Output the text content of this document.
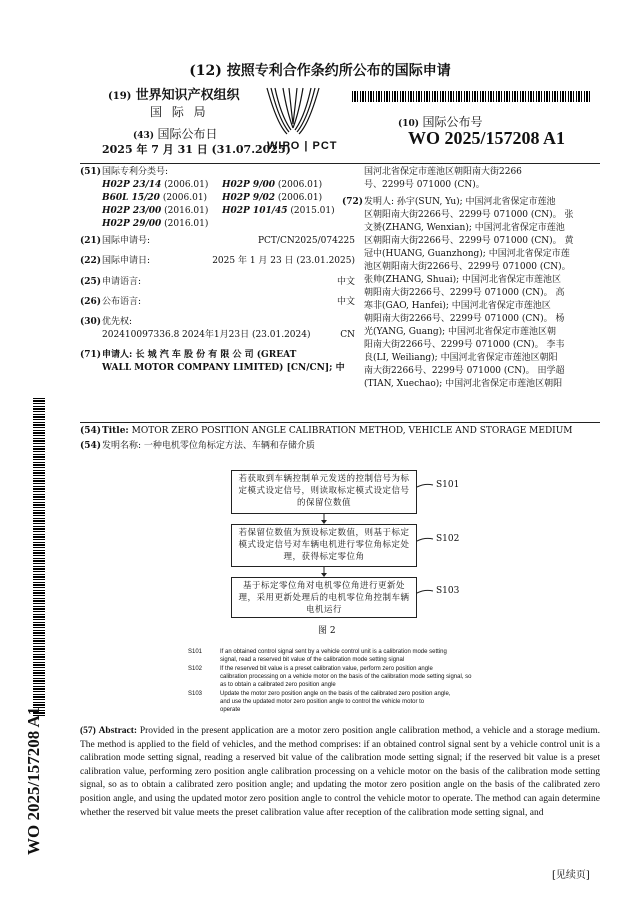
(12) 按照专利合作条约所公布的国际申请
(19) 世界知识产权组织
国 际 局
(43) 国际公布日
2025 年 7 月 31 日 (31.07.2025)
WIPO | PCT
(10) 国际公布号
WO 2025/157208 A1
(51)国际专利分类号:
H02P 23/14 (2006.01) H02P 9/00 (2006.01)
B60L 15/20 (2006.01) H02P 9/02 (2006.01)
H02P 23/00 (2016.01) H02P 101/45 (2015.01)
H02P 29/00 (2016.01)
(21)国际申请号:	PCT/CN2025/074225
(22)国际申请日:	2025 年 1 月 23 日 (23.01.2025)
(25)申请语言:	中文
(26)公布语言:	中文
(30)优先权:
202410097336.8 2024年1月23日 (23.01.2024)	CN
(71)申请人: 长 城 汽 车 股 份 有 限 公 司 (GREAT
WALL MOTOR COMPANY LIMITED) [CN/CN]; 中
国河北省保定市莲池区朝阳南大街2266
号、2299号 071000 (CN)。
(72) 发明人: 孙宇(SUN, Yu); 中国河北省保定市莲池
区朝阳南大街2266号、2299号 071000 (CN)。 张
文赟(ZHANG, Wenxian); 中国河北省保定市莲池
区朝阳南大街2266号、2299号 071000 (CN)。 黄
冠中(HUANG, Guanzhong); 中国河北省保定市莲
池区朝阳南大街2266号、2299号 071000 (CN)。
张帅(ZHANG, Shuai); 中国河北省保定市莲池区
朝阳南大街2266号、2299号 071000 (CN)。 高
寒非(GAO, Hanfei); 中国河北省保定市莲池区
朝阳南大街2266号、2299号 071000 (CN)。 杨
光(YANG, Guang); 中国河北省保定市莲池区朝
阳南大街2266号、2299号 071000 (CN)。 李韦
良(LI, Weiliang); 中国河北省保定市莲池区朝阳
南大街2266号、2299号 071000 (CN)。 田学超
(TIAN, Xuechao); 中国河北省保定市莲池区朝阳
(54)Title: MOTOR ZERO POSITION ANGLE CALIBRATION METHOD, VEHICLE AND STORAGE MEDIUM
(54)发明名称: 一种电机零位角标定方法、车辆和存储介质
若获取到车辆控制单元发送的控制信号为标定模式设定信号，则读取标定模式设定信号的保留位数值
若保留位数值为预设标定数值，则基于标定模式设定信号对车辆电机进行零位角标定处理，获得标定零位角
基于标定零位角对电机零位角进行更新处理，采用更新处理后的电机零位角控制车辆电机运行
S101
S102
S103
图 2
S101	If an obtained control signal sent by a vehicle control unit is a calibration mode setting
signal, read a reserved bit value of the calibration mode setting signal
S102	If the reserved bit value is a preset calibration value, perform zero position angle
calibration processing on a vehicle motor on the basis of the calibration mode setting signal, so
as to obtain a calibrated zero position angle
S103	Update the motor zero position angle on the basis of the calibrated zero position angle,
and use the updated motor zero position angle to control the vehicle motor to
operate
(57) Abstract: Provided in the present application are a motor zero position angle calibration method, a vehicle and a storage medium. The method is applied to the field of vehicles, and the method comprises: if an obtained control signal sent by a vehicle control unit is a calibration mode setting signal, reading a reserved bit value of the calibration mode setting signal; if the reserved bit value is a preset calibration value, performing zero position angle calibration processing on a vehicle motor on the basis of the calibration mode setting signal, so as to obtain a calibrated zero position angle; and updating the motor zero position angle on the basis of the calibrated zero position angle, and using the updated motor zero position angle to control the vehicle motor to operate. The method can again determine whether the reserved bit value meets the preset calibration value after reception of the calibration mode setting signal, and
WO 2025/157208 A1
[见续页]
